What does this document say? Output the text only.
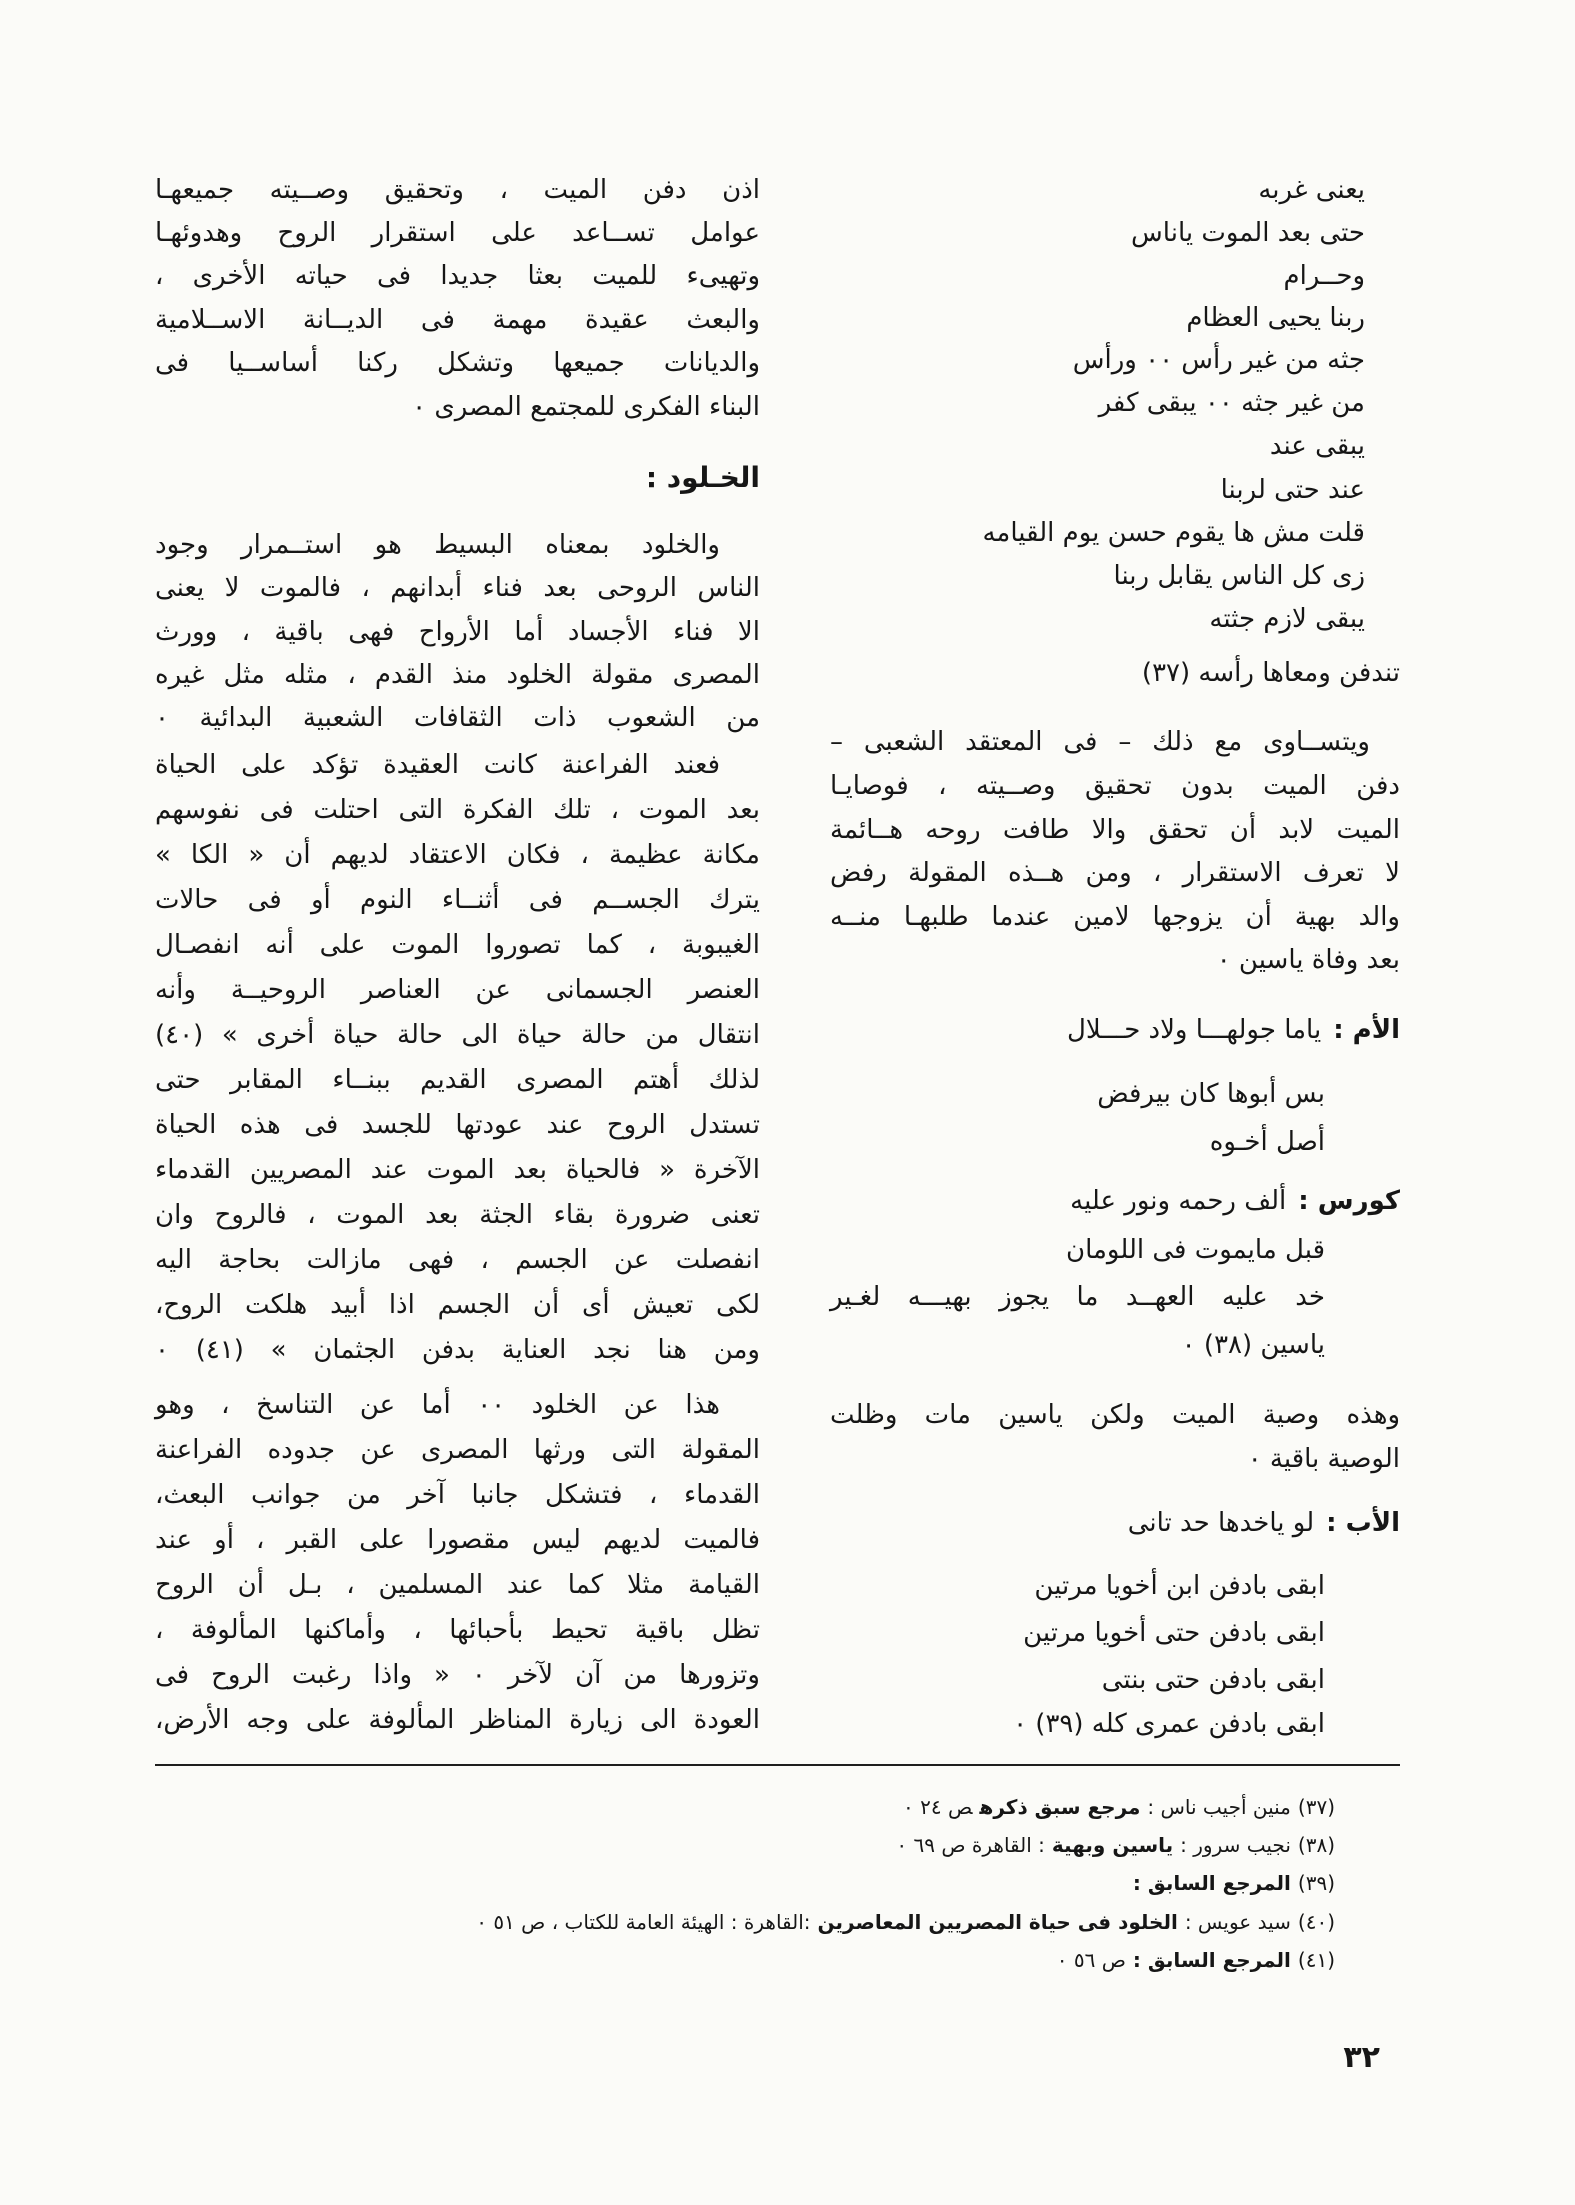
يعنى غربه
حتى بعد الموت ياناس
وحــرام
ربنا يحيى العظام
جثه من غير رأس ٠٠ ورأس
من غير جثه ٠٠ يبقى كفر
يبقى عند
عند حتى لربنا
قلت مش ها يقوم حسن يوم القيامه
زى كل الناس يقابل ربنا
يبقى لازم جثته
تندفن ومعاها رأسه (٣٧)
ويتســاوى مع ذلك – فى المعتقد الشعبى –
دفن الميت بدون تحقيق وصــيته ، فوصايـا
الميت لابد أن تحقق والا طافت روحه هــائمة
لا تعرف الاستقرار ، ومن هــذه المقولة رفض
والد بهية أن يزوجها لامين عندما طلبهـا منــه
بعد وفاة ياسين ٠
الأم :ياما جولهـــا ولاد حـــلال
بس أبوها كان بيرفض
أصل أخـوه
كورس :ألف رحمه ونور عليه
قبل مايموت فى اللومان
خد عليه العهــد ما يجوز بهيـــه لغـير
ياسين (٣٨) ٠
وهذه وصية الميت ولكن ياسين مات وظلت
الوصية باقية ٠
الأب :لو ياخدها حد تانى
ابقى بادفن ابن أخويا مرتين
ابقى بادفن حتى أخويا مرتين
ابقى بادفن حتى بنتى
ابقى بادفن عمرى كله (٣٩) ٠
اذن دفن الميت ، وتحقيق وصــيته جميعهـا
عوامل تســاعد على استقرار الروح وهدوئهـا
وتهيىء للميت بعثا جديدا فى حياته الأخرى ،
والبعث عقيدة مهمة فى الديــانة الاســلامية
والديانات جميعها وتشكل ركنا أساســيا فى
البناء الفكرى للمجتمع المصرى ٠
الخـلود :
والخلود بمعناه البسيط هو استــمرار وجود
الناس الروحى بعد فناء أبدانهم ، فالموت لا يعنى
الا فناء الأجساد أما الأرواح فهى باقية ، وورث
المصرى مقولة الخلود منذ القدم ، مثله مثل غيره
من الشعوب ذات الثقافات الشعبية البدائية ٠
فعند الفراعنة كانت العقيدة تؤكد على الحياة
بعد الموت ، تلك الفكرة التى احتلت فى نفوسهم
مكانة عظيمة ، فكان الاعتقاد لديهم أن « الكا »
يترك الجســم فى أثنــاء النوم أو فى حالات
الغيبوبة ، كما تصوروا الموت على أنه انفصـال
العنصر الجسمانى عن العناصر الروحيــة وأنه
انتقال من حالة حياة الى حالة حياة أخرى » (٤٠)
لذلك أهتم المصرى القديم ببنــاء المقابر حتى
تستدل الروح عند عودتها للجسد فى هذه الحياة
الآخرة « فالحياة بعد الموت عند المصريين القدماء
تعنى ضرورة بقاء الجثة بعد الموت ، فالروح وان
انفصلت عن الجسم ، فهى مازالت بحاجة اليه
لكى تعيش أى أن الجسم اذا أبيد هلكت الروح،
ومن هنا نجد العناية بدفن الجثمان » (٤١) ٠
هذا عن الخلود ٠٠ أما عن التناسخ ، وهو
المقولة التى ورثها المصرى عن جدوده الفراعنة
القدماء ، فتشكل جانبا آخر من جوانب البعث،
فالميت لديهم ليس مقصورا على القبر ، أو عند
القيامة مثلا كما عند المسلمين ، بـل أن الروح
تظل باقية تحيط بأحبائها ، وأماكنها المألوفة ،
وتزورها من آن لآخر ٠ « واذا رغبت الروح فى
العودة الى زيارة المناظر المألوفة على وجه الأرض،
(٣٧)منين أجيب ناس :مرجع سبق ذكرهص ٢٤ ٠
(٣٨)نجيب سرور :ياسين وبهية: القاهرة ص ٦٩ ٠
(٣٩)المرجع السابق :
(٤٠)سيد عويس :الخلود فى حياة المصريين المعاصرين:القاهرة : الهيئة العامة للكتاب ، ص ٥١ ٠
(٤١)المرجع السابق :ص ٥٦ ٠
٣٢
